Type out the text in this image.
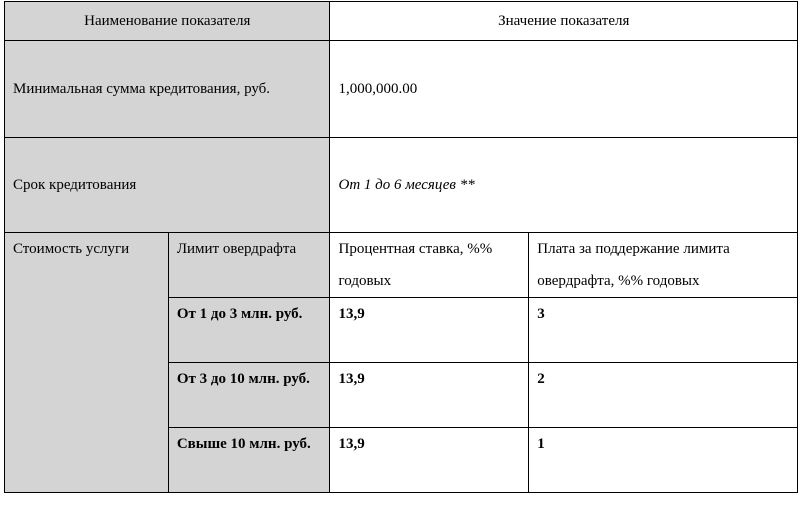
Наименование показателя		Значение показателя	
Минимальная сумма кредитования, руб.		1,000,000.00	
Срок кредитования		От 1 до 6 месяцев **	
Стоимость услуги	Лимит овердрафта	Процентная ставка, %% годовых	Плата за поддержание лимита овердрафта, %% годовых
	От 1 до 3 млн. руб.	13,9	3
	От 3 до 10 млн. руб.	13,9	2
	Свыше 10 млн. руб.	13,9	1
